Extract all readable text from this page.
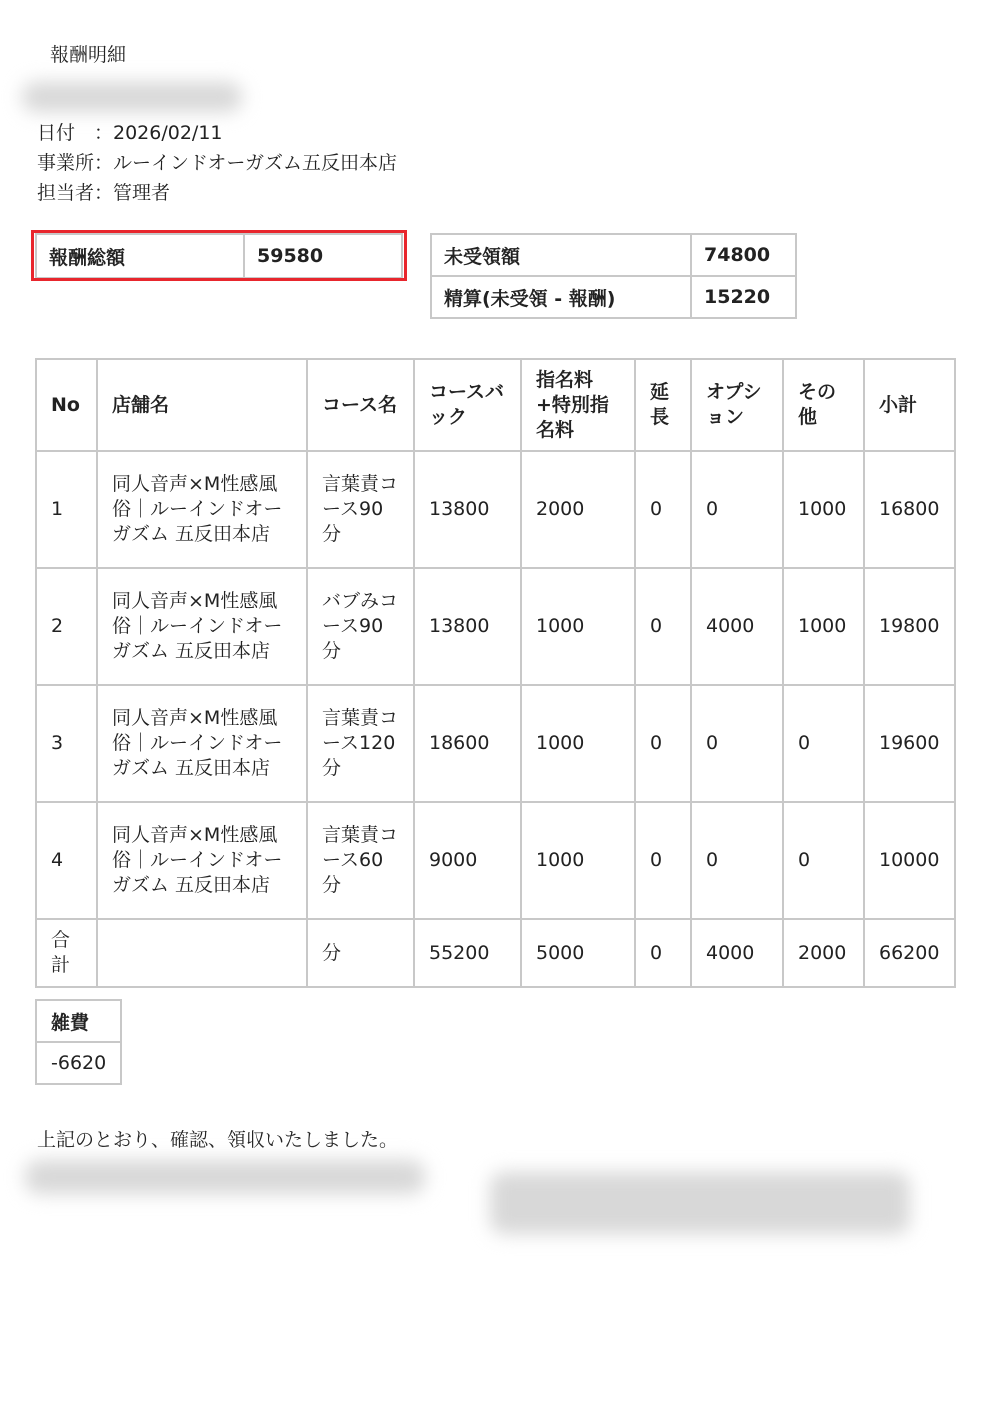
報酬明細
日付　：2026/02/11
事業所：ルーインドオーガズム五反田本店
担当者：管理者
報酬総額	59580	未受領額	74800
精算(未受領 - 報酬)	15220
No	店舗名	コース名	コースバック	指名料+特別指名料	延長	オプション	その他	小計
1	同人音声×M性感風俗｜ルーインドオーガズム 五反田本店	言葉責コース90分	13800	2000	0	0	1000	16800
2	同人音声×M性感風俗｜ルーインドオーガズム 五反田本店	バブみコース90分	13800	1000	0	4000	1000	19800
3	同人音声×M性感風俗｜ルーインドオーガズム 五反田本店	言葉責コース120分	18600	1000	0	0	0	19600
4	同人音声×M性感風俗｜ルーインドオーガズム 五反田本店	言葉責コース60分	9000	1000	0	0	0	10000
合計		分	55200	5000	0	4000	2000	66200
雑費
-6620
上記のとおり、確認、領収いたしました。
